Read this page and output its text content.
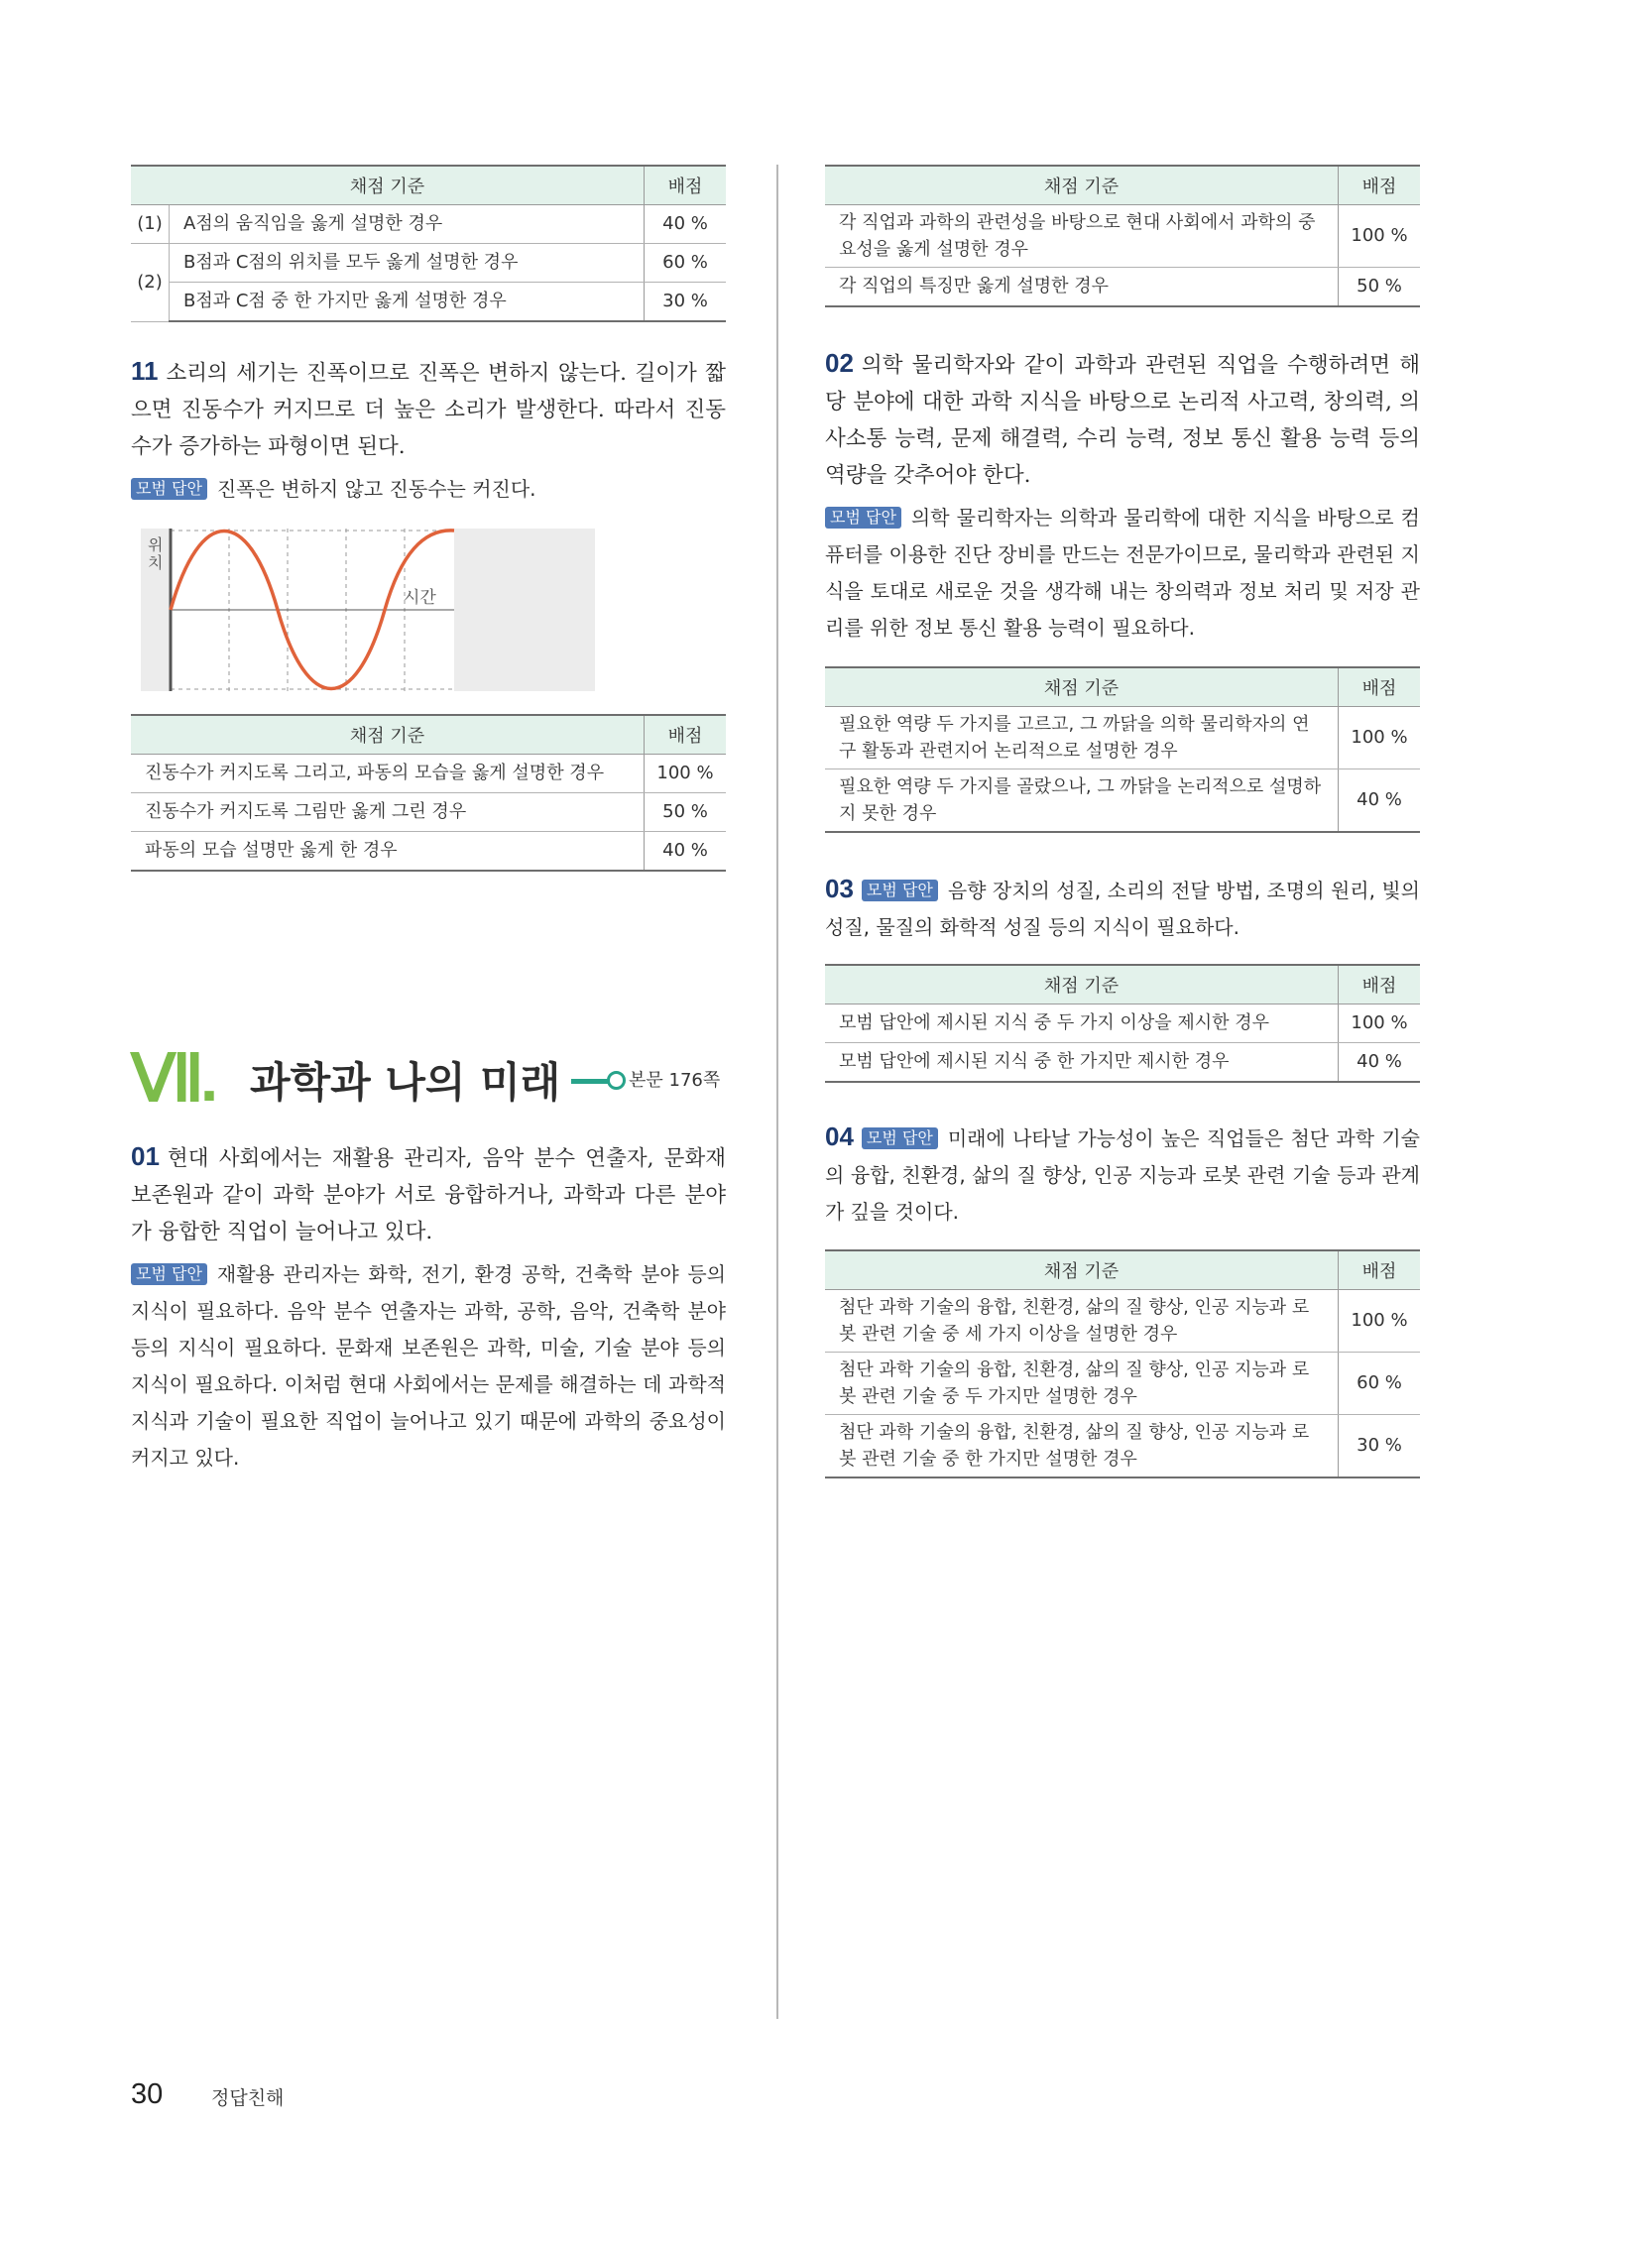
채점 기준		배점
(1)	A점의 움직임을 옳게 설명한 경우	40 %
(2)	B점과 C점의 위치를 모두 옳게 설명한 경우	60 %
	B점과 C점 중 한 가지만 옳게 설명한 경우	30 %

11 소리의 세기는 진폭이므로 진폭은 변하지 않는다. 길이가 짧으면 진동수가 커지므로 더 높은 소리가 발생한다. 따라서 진동수가 증가하는 파형이면 된다.

모범 답안 진폭은 변하지 않고 진동수는 커진다.

위 치
시간
채점 기준	배점
진동수가 커지도록 그리고, 파동의 모습을 옳게 설명한 경우	100 %
진동수가 커지도록 그림만 옳게 그린 경우	50 %
파동의 모습 설명만 옳게 한 경우	40 %
Ⅶ. 과학과 나의 미래	본문 176쪽

01 현대 사회에서는 재활용 관리자, 음악 분수 연출자, 문화재 보존원과 같이 과학 분야가 서로 융합하거나, 과학과 다른 분야가 융합한 직업이 늘어나고 있다.

모범 답안 재활용 관리자는 화학, 전기, 환경 공학, 건축학 분야 등의 지식이 필요하다. 음악 분수 연출자는 과학, 공학, 음악, 건축학 분야 등의 지식이 필요하다. 문화재 보존원은 과학, 미술, 기술 분야 등의 지식이 필요하다. 이처럼 현대 사회에서는 문제를 해결하는 데 과학적 지식과 기술이 필요한 직업이 늘어나고 있기 때문에 과학의 중요성이 커지고 있다.

채점 기준	배점
각 직업과 과학의 관련성을 바탕으로 현대 사회에서 과학의 중요성을 옳게 설명한 경우	100 %
각 직업의 특징만 옳게 설명한 경우	50 %

02 의학 물리학자와 같이 과학과 관련된 직업을 수행하려면 해당 분야에 대한 과학 지식을 바탕으로 논리적 사고력, 창의력, 의사소통 능력, 문제 해결력, 수리 능력, 정보 통신 활용 능력 등의 역량을 갖추어야 한다.

모범 답안 의학 물리학자는 의학과 물리학에 대한 지식을 바탕으로 컴퓨터를 이용한 진단 장비를 만드는 전문가이므로, 물리학과 관련된 지식을 토대로 새로운 것을 생각해 내는 창의력과 정보 처리 및 저장 관리를 위한 정보 통신 활용 능력이 필요하다.

채점 기준	배점
필요한 역량 두 가지를 고르고, 그 까닭을 의학 물리학자의 연구 활동과 관련지어 논리적으로 설명한 경우	100 %
필요한 역량 두 가지를 골랐으나, 그 까닭을 논리적으로 설명하지 못한 경우	40 %

03 모범 답안 음향 장치의 성질, 소리의 전달 방법, 조명의 원리, 빛의 성질, 물질의 화학적 성질 등의 지식이 필요하다.

채점 기준	배점
모범 답안에 제시된 지식 중 두 가지 이상을 제시한 경우	100 %
모범 답안에 제시된 지식 중 한 가지만 제시한 경우	40 %

04 모범 답안 미래에 나타날 가능성이 높은 직업들은 첨단 과학 기술의 융합, 친환경, 삶의 질 향상, 인공 지능과 로봇 관련 기술 등과 관계가 깊을 것이다.

채점 기준	배점
첨단 과학 기술의 융합, 친환경, 삶의 질 향상, 인공 지능과 로봇 관련 기술 중 세 가지 이상을 설명한 경우	100 %
첨단 과학 기술의 융합, 친환경, 삶의 질 향상, 인공 지능과 로봇 관련 기술 중 두 가지만 설명한 경우	60 %
첨단 과학 기술의 융합, 친환경, 삶의 질 향상, 인공 지능과 로봇 관련 기술 중 한 가지만 설명한 경우	30 %
30	정답친해
